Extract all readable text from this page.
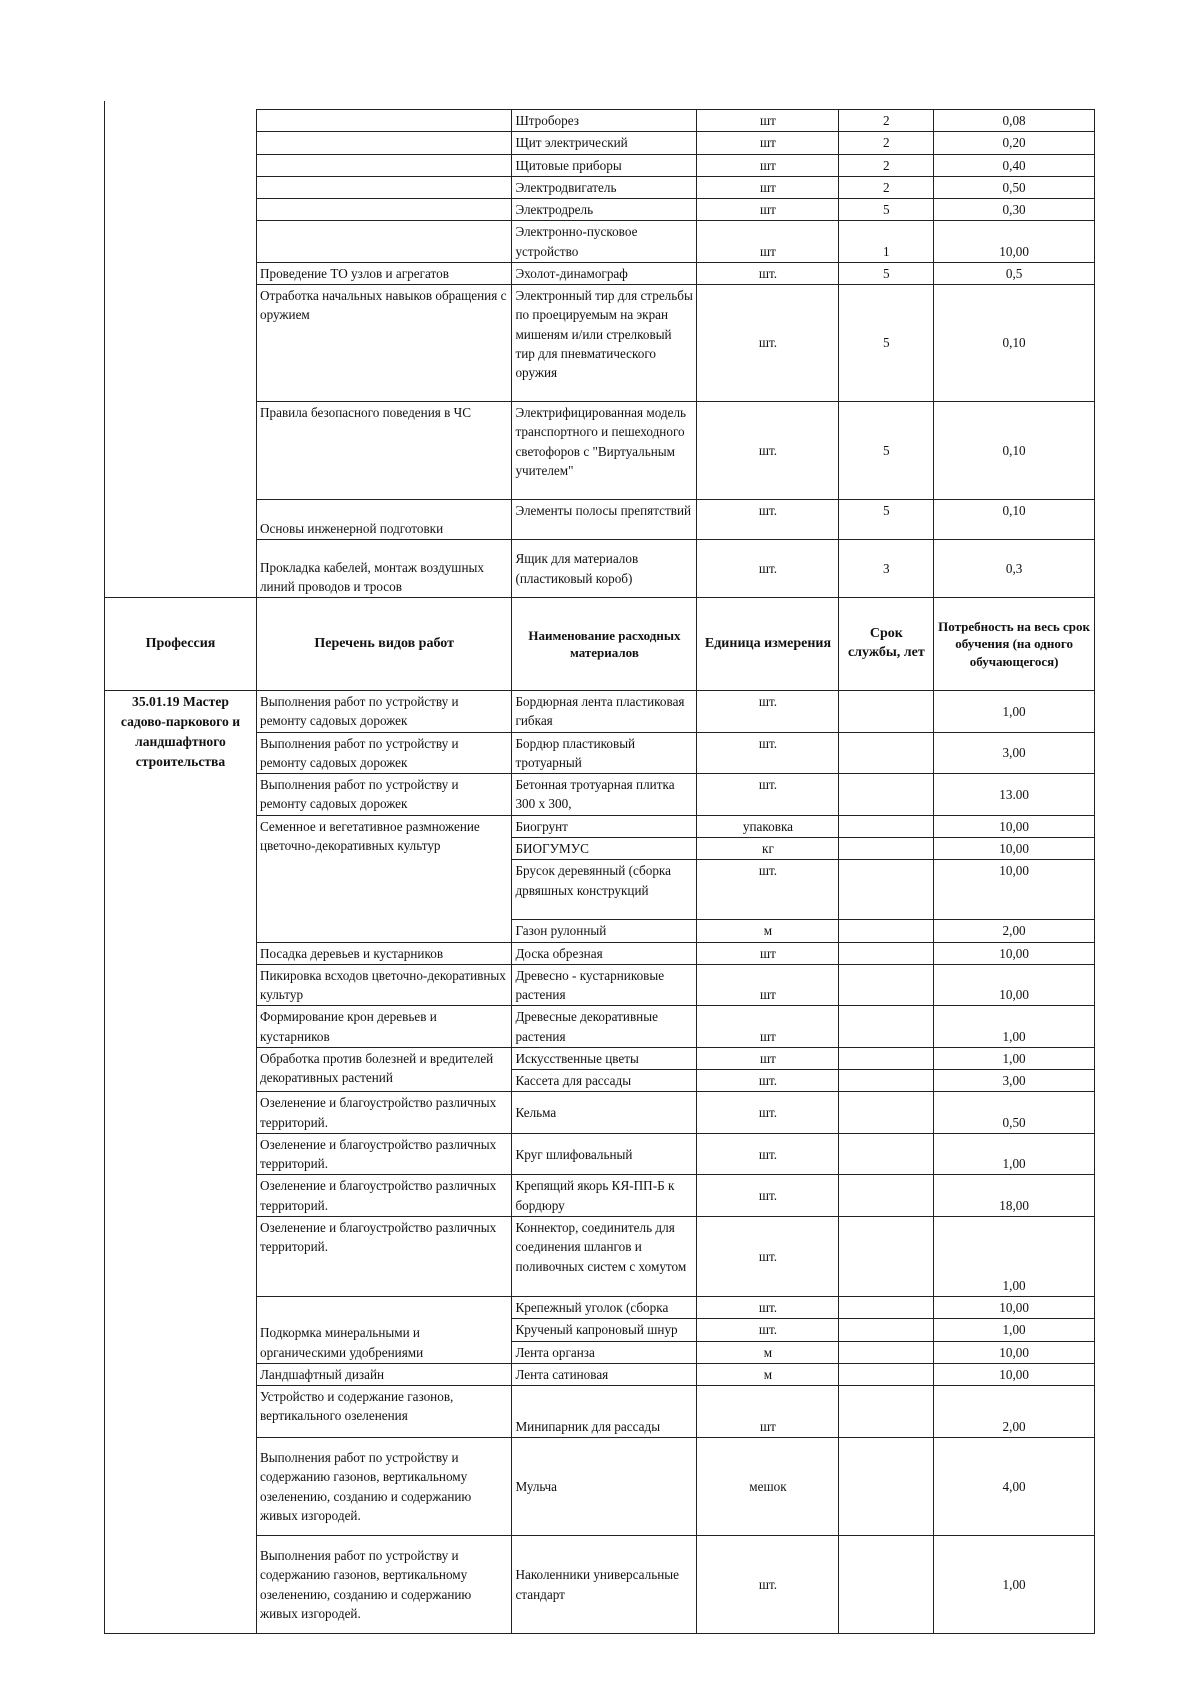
		Штроборез	шт	2	0,08
		Щит электрический	шт	2	0,20
		Щитовые приборы	шт	2	0,40
		Электродвигатель	шт	2	0,50
		Электродрель	шт	5	0,30
		Электронно-пусковое устройство	шт	1	10,00
	Проведение ТО узлов и агрегатов	Эхолот-динамограф	шт.	5	0,5
	Отработка начальных навыков обращения с оружием	Электронный тир для стрельбы по проецируемым на экран мишеням и/или стрелковый тир для пневматического оружия	шт.	5	0,10
	Правила безопасного поведения в ЧС	Электрифицированная модель транспортного и пешеходного светофоров с "Виртуальным учителем"	шт.	5	0,10
	Основы инженерной подготовки	Элементы полосы препятствий	шт.	5	0,10
	Прокладка кабелей, монтаж воздушных линий проводов и тросов	Ящик для материалов (пластиковый короб)	шт.	3	0,3
Профессия	Перечень видов работ	Наименование расходных материалов	Единица измерения	Срок службы, лет	Потребность на весь срок обучения (на одного обучающегося)
35.01.19 Мастер садово-паркового и ландшафтного строительства	Выполнения работ по устройству и ремонту садовых дорожек	Бордюрная лента пластиковая гибкая	шт.		1,00
	Выполнения работ по устройству и ремонту садовых дорожек	Бордюр пластиковый тротуарный	шт.		3,00
	Выполнения работ по устройству и ремонту садовых дорожек	Бетонная тротуарная плитка 300 х 300,	шт.		13.00
	Семенное и вегетативное размножение цветочно-декоративных культур	Биогрунт	упаковка		10,00
		БИОГУМУС	кг		10,00
		Брусок деревянный (сборка дрвяшных конструкций	шт.		10,00
		Газон рулонный	м		2,00
	Посадка деревьев и кустарников	Доска обрезная	шт		10,00
	Пикировка всходов цветочно-декоративных культур	Древесно - кустарниковые растения	шт		10,00
	Формирование крон деревьев и кустарников	Древесные декоративные растения	шт		1,00
	Обработка против болезней и вредителей декоративных растений	Искусственные цветы	шт		1,00
		Кассета для рассады	шт.		3,00
	Озеленение и благоустройство различных территорий.	Кельма	шт.		0,50
	Озеленение и благоустройство различных территорий.	Круг шлифовальный	шт.		1,00
	Озеленение и благоустройство различных территорий.	Крепящий якорь КЯ-ПП-Б к бордюру	шт.		18,00
	Озеленение и благоустройство различных территорий.	Коннектор, соединитель для соединения шлангов и поливочных систем с хомутом	шт.		1,00
	Подкормка минеральными и органическими удобрениями	Крепежный уголок (сборка	шт.		10,00
		Крученый капроновый шнур	шт.		1,00
		Лента органза	м		10,00
	Ландшафтный дизайн	Лента сатиновая	м		10,00
	Устройство и содержание газонов, вертикального озеленения	Минипарник для рассады	шт		2,00
	Выполнения работ по устройству и содержанию газонов, вертикальному озеленению, созданию и содержанию живых изгородей.	Мульча	мешок		4,00
	Выполнения работ по устройству и содержанию газонов, вертикальному озеленению, созданию и содержанию живых изгородей.	Наколенники универсальные стандарт	шт.		1,00
